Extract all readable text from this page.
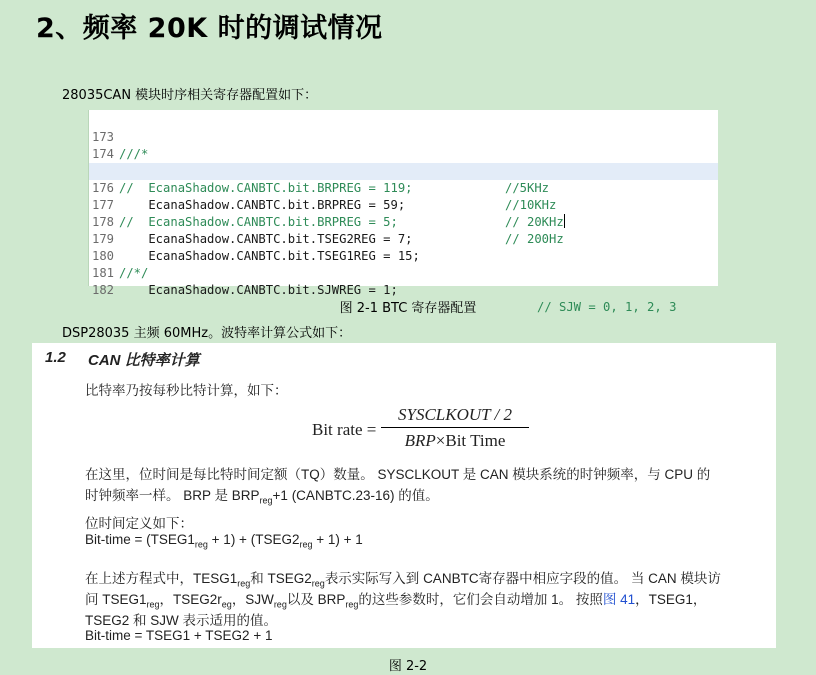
2、频率 20K 时的调试情况
28035CAN 模块时序相关寄存器配置如下：

173

///*

174

//5KHz

//  EcanaShadow.CANBTC.bit.BRPREG = 119;

//10KHz

176

EcanaShadow.CANBTC.bit.BRPREG = 59;

// 20KHz

177

//  EcanaShadow.CANBTC.bit.BRPREG = 5;

// 200Hz

178

EcanaShadow.CANBTC.bit.TSEG2REG = 7;

179

EcanaShadow.CANBTC.bit.TSEG1REG = 15;

180

//*/

181

EcanaShadow.CANBTC.bit.SJWREG = 1;

// SJW = 0, 1, 2, 3

182

图 2-1 BTC 寄存器配置
DSP28035 主频 60MHz。波特率计算公式如下：
1.2 CAN 比特率计算
比特率乃按每秒比特计算，如下：
Bit rate =
SYSCLKOUT / 2
BRP×Bit Time
在这里，位时间是每比特时间定额（TQ）数量。 SYSCLKOUT 是 CAN 模块系统的时钟频率，与 CPU 的
时钟频率一样。 BRP 是 $BRP_{reg}+1$ (CANBTC.23-16) 的值。
位时间定义如下：
Bit-time = $(TSEG1_{reg} + 1)$ + $(TSEG2_{reg} + 1) + 1$
在上述方程式中，$TESG1_{reg}$和 $TSEG2_{reg}$表示实际写入到 CANBTC寄存器中相应字段的值。 当 CAN 模块访
问 $TSEG1_{reg}$，$TSEG2r_{eg}$，$SJW_{reg}$以及 $BRP_{reg}$的这些参数时，它们会自动增加 1。 按照图 41，TSEG1，
TSEG2 和 SJW 表示适用的值。
Bit-time = TSEG1 + TSEG2 + 1
图 2-2
